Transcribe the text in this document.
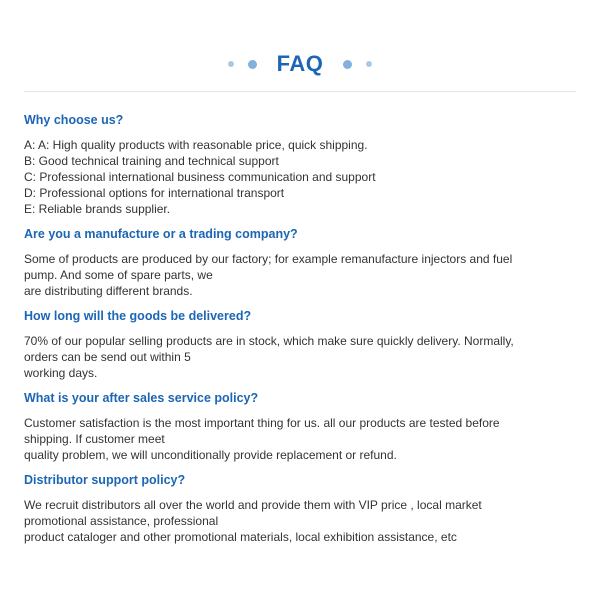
FAQ
Why choose us?
A: A: High quality products with reasonable price, quick shipping.
B: Good technical training and technical support
C: Professional international business communication and support
D: Professional options for international transport
E: Reliable brands supplier.
Are you a manufacture or a trading company?
Some of products are produced by our factory; for example remanufacture injectors and fuel
pump. And some of spare parts, we
are distributing different brands.
How long will the goods be delivered?
70% of our popular selling products are in stock, which make sure quickly delivery. Normally,
orders can be send out within 5
working days.
What is your after sales service policy?
Customer satisfaction is the most important thing for us. all our products are tested before
shipping. If customer meet
quality problem, we will unconditionally provide replacement or refund.
Distributor support policy?
We recruit distributors all over the world and provide them with VIP price , local market
promotional assistance, professional
product cataloger and other promotional materials, local exhibition assistance, etc
